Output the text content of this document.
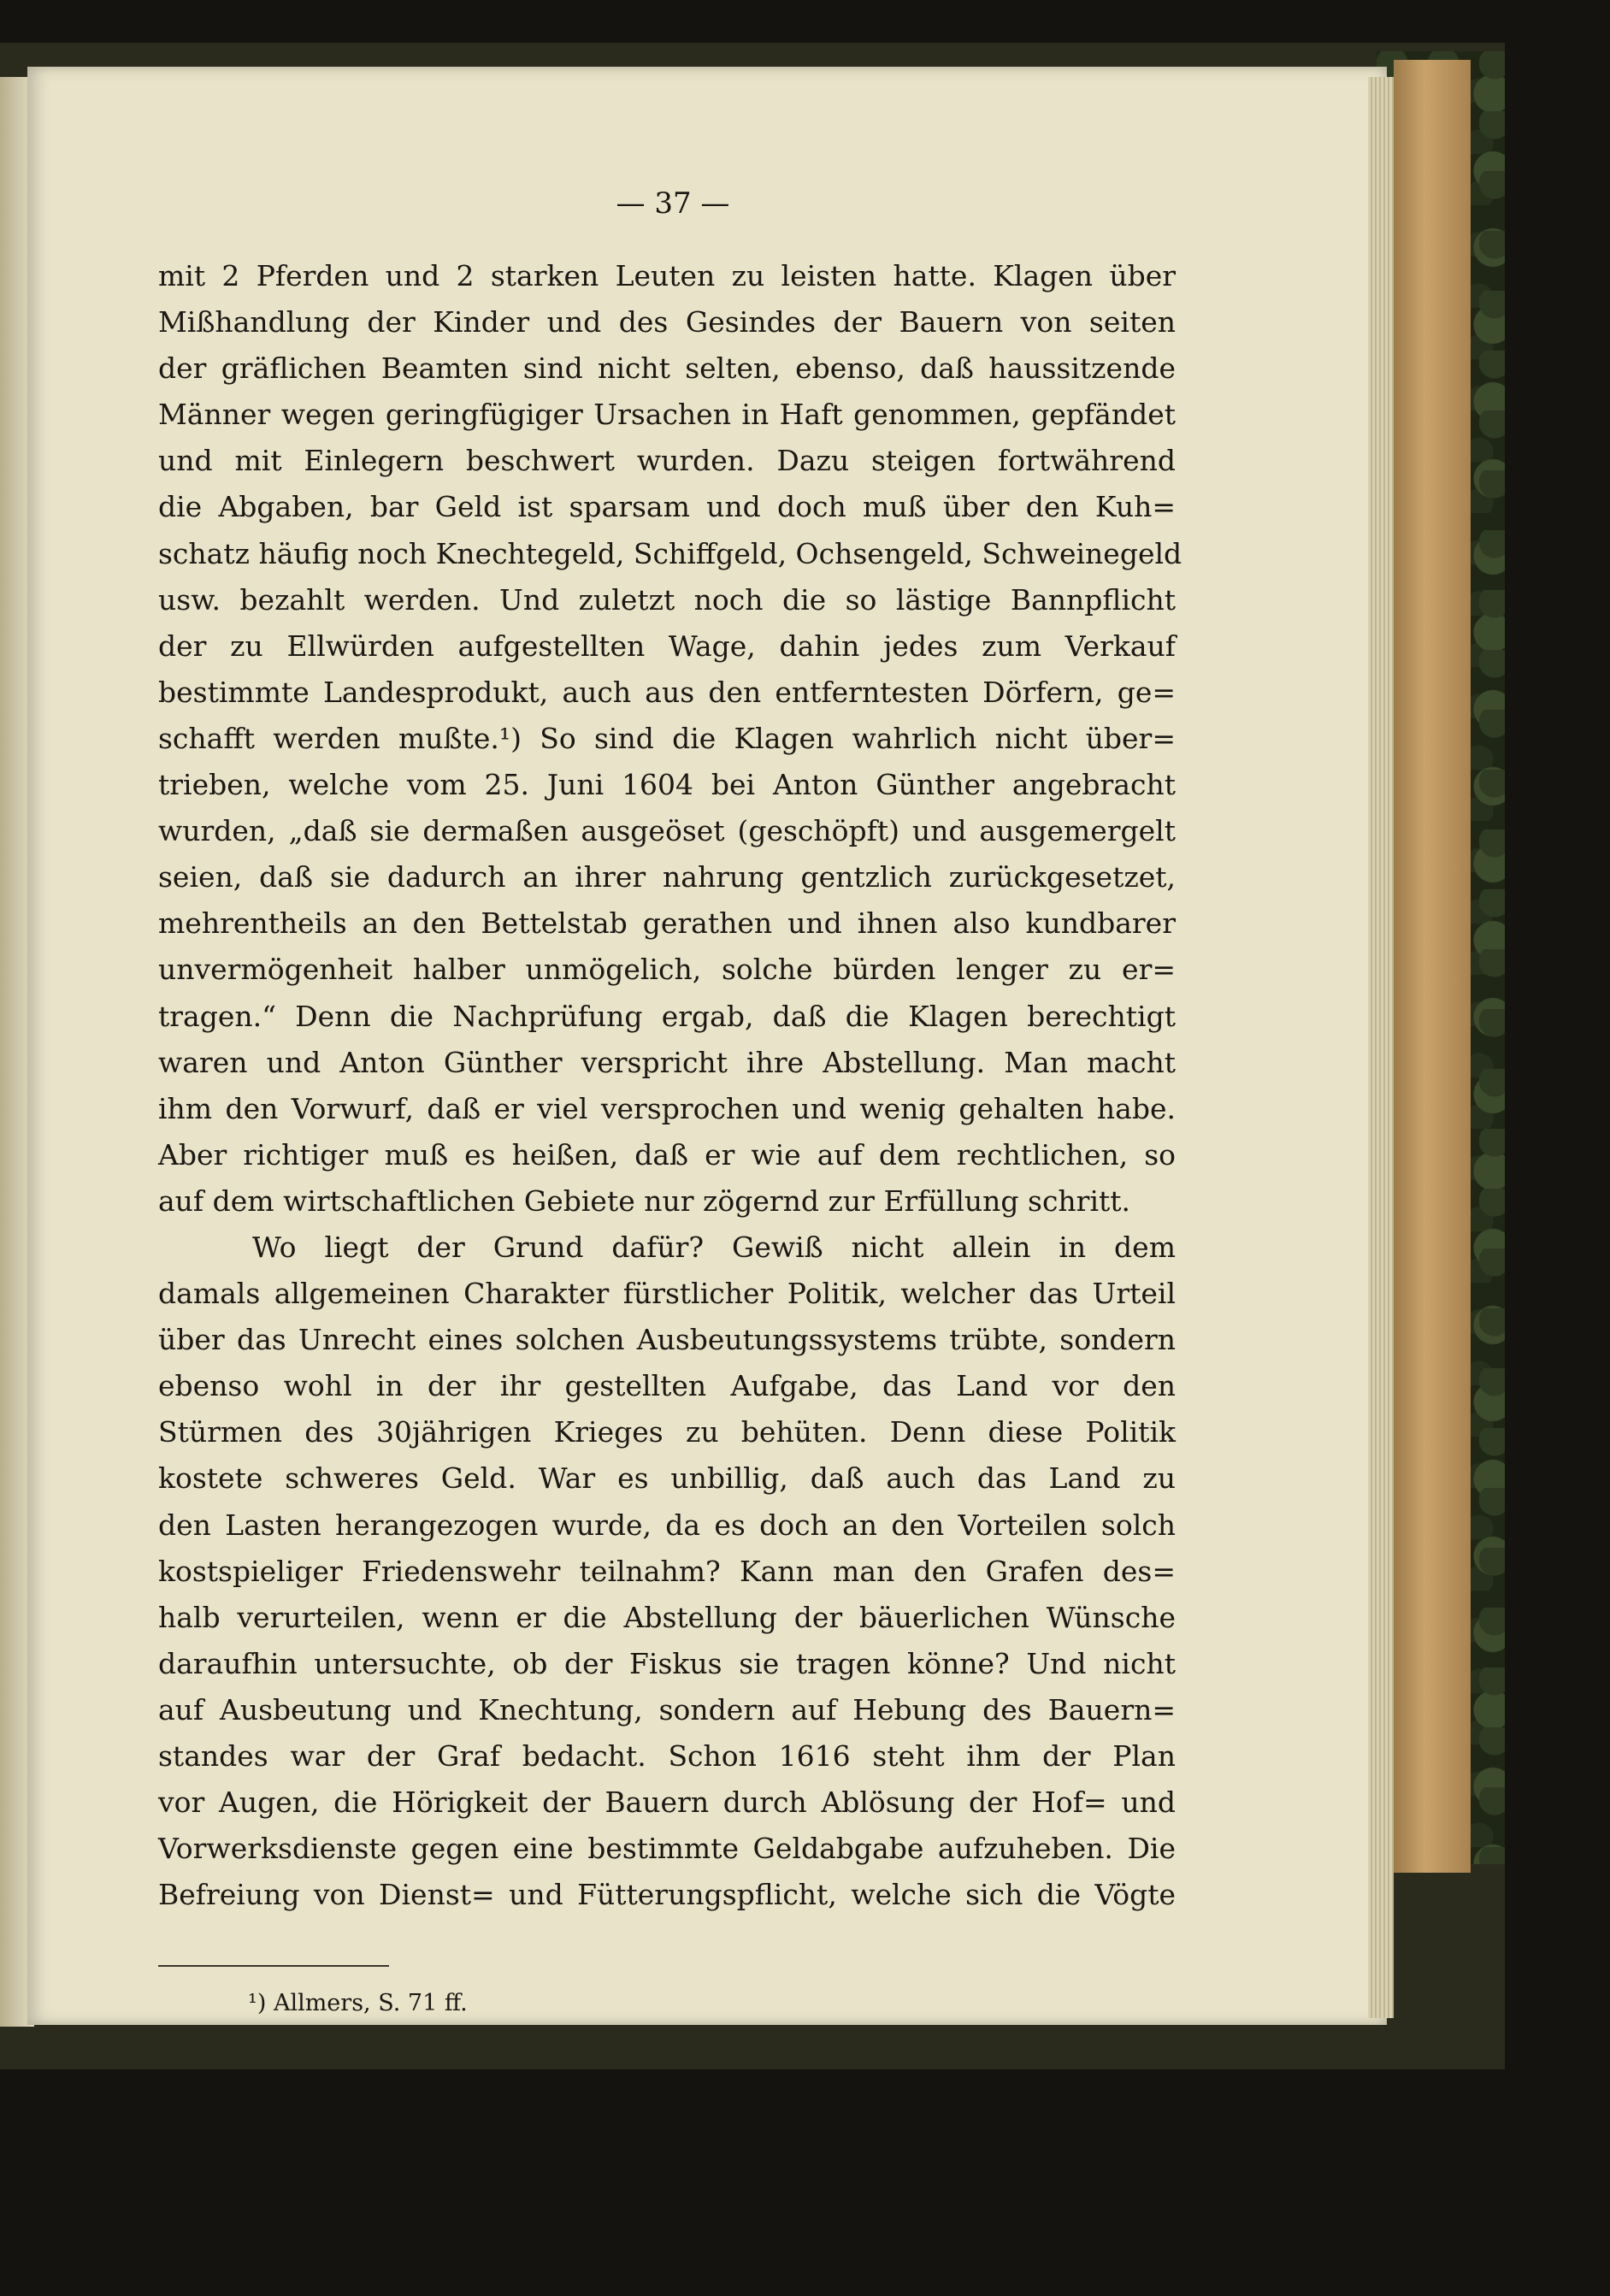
— 37 —
mit 2 Pferden und 2 starken Leuten zu leisten hatte. Klagen über
Mißhandlung der Kinder und des Gesindes der Bauern von seiten
der gräflichen Beamten sind nicht selten, ebenso, daß haussitzende
Männer wegen geringfügiger Ursachen in Haft genommen, gepfändet
und mit Einlegern beschwert wurden. Dazu steigen fortwährend
die Abgaben, bar Geld ist sparsam und doch muß über den Kuh=
schatz häufig noch Knechtegeld, Schiffgeld, Ochsengeld, Schweinegeld
usw. bezahlt werden. Und zuletzt noch die so lästige Bannpflicht
der zu Ellwürden aufgestellten Wage, dahin jedes zum Verkauf
bestimmte Landesprodukt, auch aus den entferntesten Dörfern, ge=
schafft werden mußte.¹) So sind die Klagen wahrlich nicht über=
trieben, welche vom 25. Juni 1604 bei Anton Günther angebracht
wurden, „daß sie dermaßen ausgeöset (geschöpft) und ausgemergelt
seien, daß sie dadurch an ihrer nahrung gentzlich zurückgesetzet,
mehrentheils an den Bettelstab gerathen und ihnen also kundbarer
unvermögenheit halber unmögelich, solche bürden lenger zu er=
tragen.“ Denn die Nachprüfung ergab, daß die Klagen berechtigt
waren und Anton Günther verspricht ihre Abstellung. Man macht
ihm den Vorwurf, daß er viel versprochen und wenig gehalten habe.
Aber richtiger muß es heißen, daß er wie auf dem rechtlichen, so
auf dem wirtschaftlichen Gebiete nur zögernd zur Erfüllung schritt.
Wo liegt der Grund dafür? Gewiß nicht allein in dem
damals allgemeinen Charakter fürstlicher Politik, welcher das Urteil
über das Unrecht eines solchen Ausbeutungssystems trübte, sondern
ebenso wohl in der ihr gestellten Aufgabe, das Land vor den
Stürmen des 30jährigen Krieges zu behüten. Denn diese Politik
kostete schweres Geld. War es unbillig, daß auch das Land zu
den Lasten herangezogen wurde, da es doch an den Vorteilen solch
kostspieliger Friedenswehr teilnahm? Kann man den Grafen des=
halb verurteilen, wenn er die Abstellung der bäuerlichen Wünsche
daraufhin untersuchte, ob der Fiskus sie tragen könne? Und nicht
auf Ausbeutung und Knechtung, sondern auf Hebung des Bauern=
standes war der Graf bedacht. Schon 1616 steht ihm der Plan
vor Augen, die Hörigkeit der Bauern durch Ablösung der Hof= und
Vorwerksdienste gegen eine bestimmte Geldabgabe aufzuheben. Die
Befreiung von Dienst= und Fütterungspflicht, welche sich die Vögte
¹) Allmers, S. 71 ff.
